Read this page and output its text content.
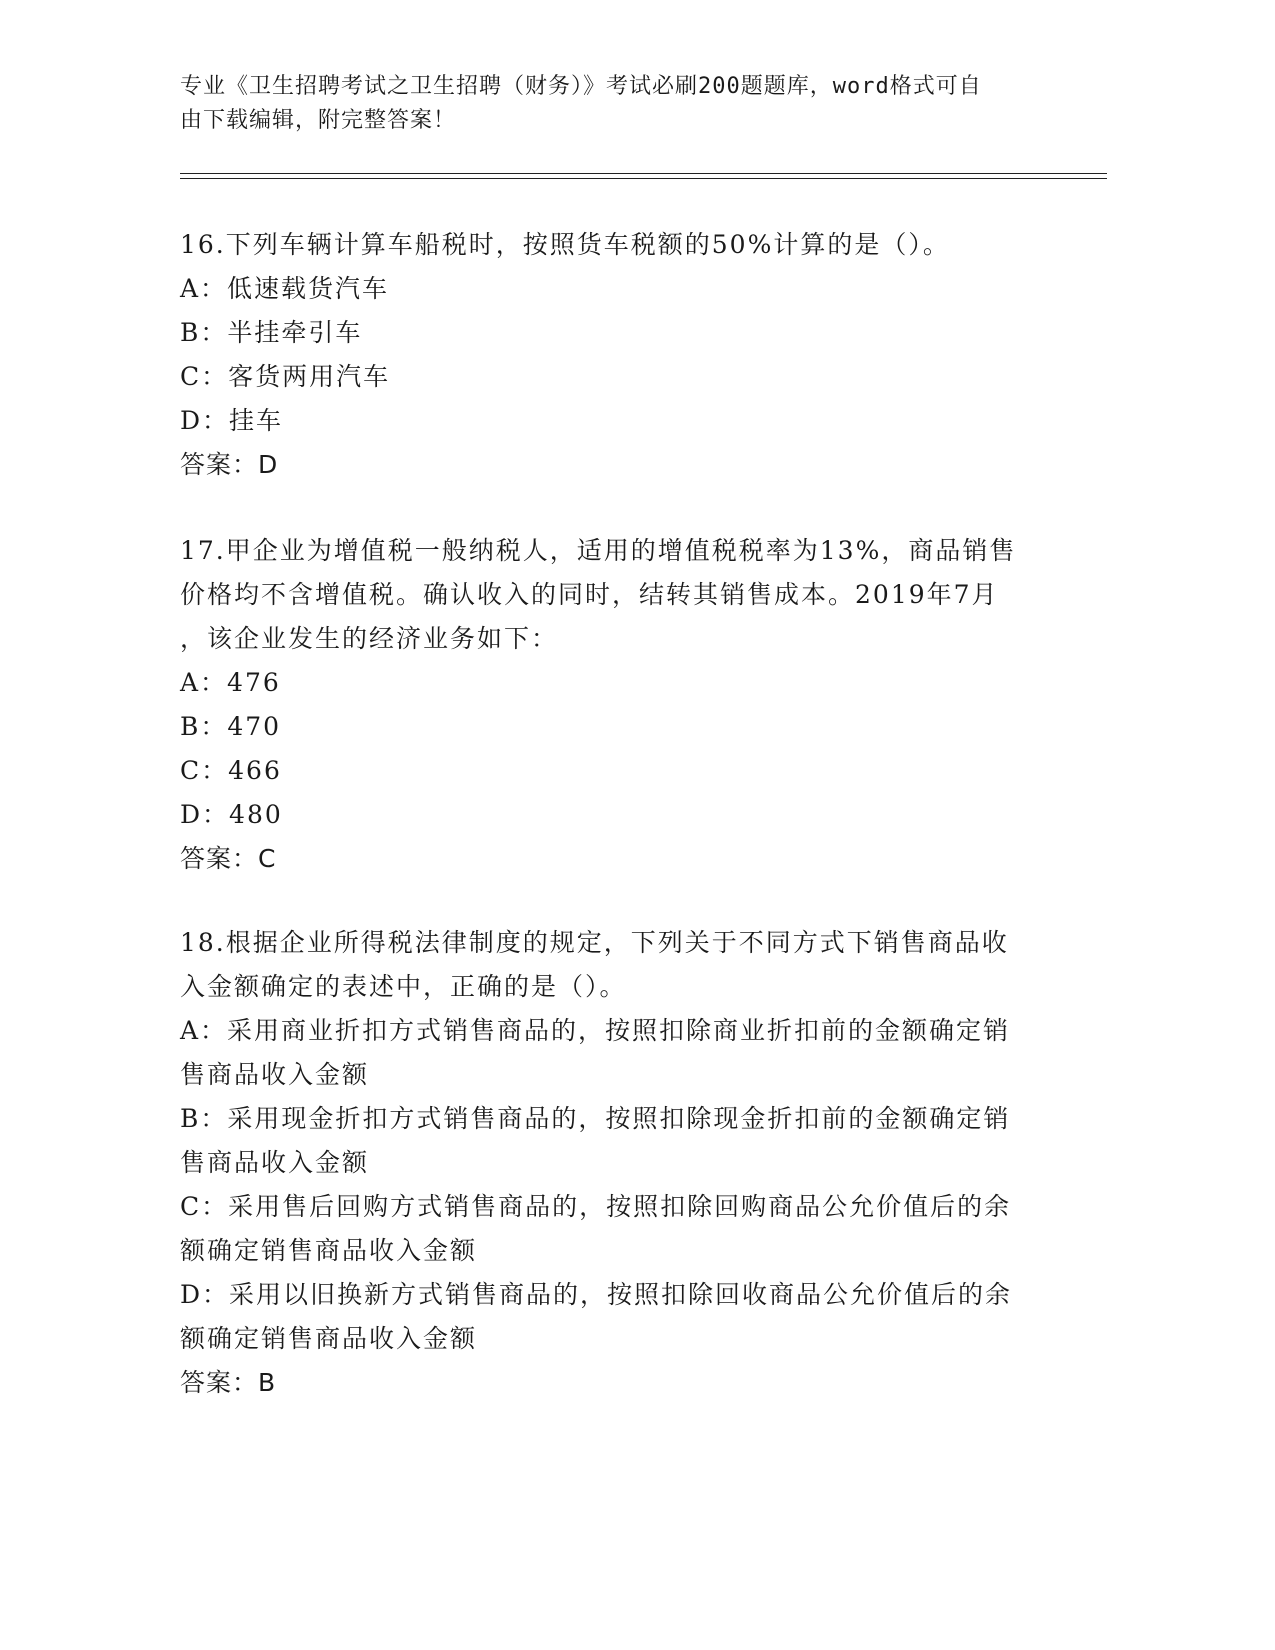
专业《卫生招聘考试之卫生招聘（财务）》考试必刷200题题库，word格式可自
由下载编辑，附完整答案！
16.下列车辆计算车船税时，按照货车税额的50%计算的是（）。
A：低速载货汽车
B：半挂牵引车
C：客货两用汽车
D：挂车
答案：D
17.甲企业为增值税一般纳税人，适用的增值税税率为13%，商品销售
价格均不含增值税。确认收入的同时，结转其销售成本。2019年7月
，该企业发生的经济业务如下：
A：476
B：470
C：466
D：480
答案：C
18.根据企业所得税法律制度的规定，下列关于不同方式下销售商品收
入金额确定的表述中，正确的是（）。
A：采用商业折扣方式销售商品的，按照扣除商业折扣前的金额确定销
售商品收入金额
B：采用现金折扣方式销售商品的，按照扣除现金折扣前的金额确定销
售商品收入金额
C：采用售后回购方式销售商品的，按照扣除回购商品公允价值后的余
额确定销售商品收入金额
D：采用以旧换新方式销售商品的，按照扣除回收商品公允价值后的余
额确定销售商品收入金额
答案：B
